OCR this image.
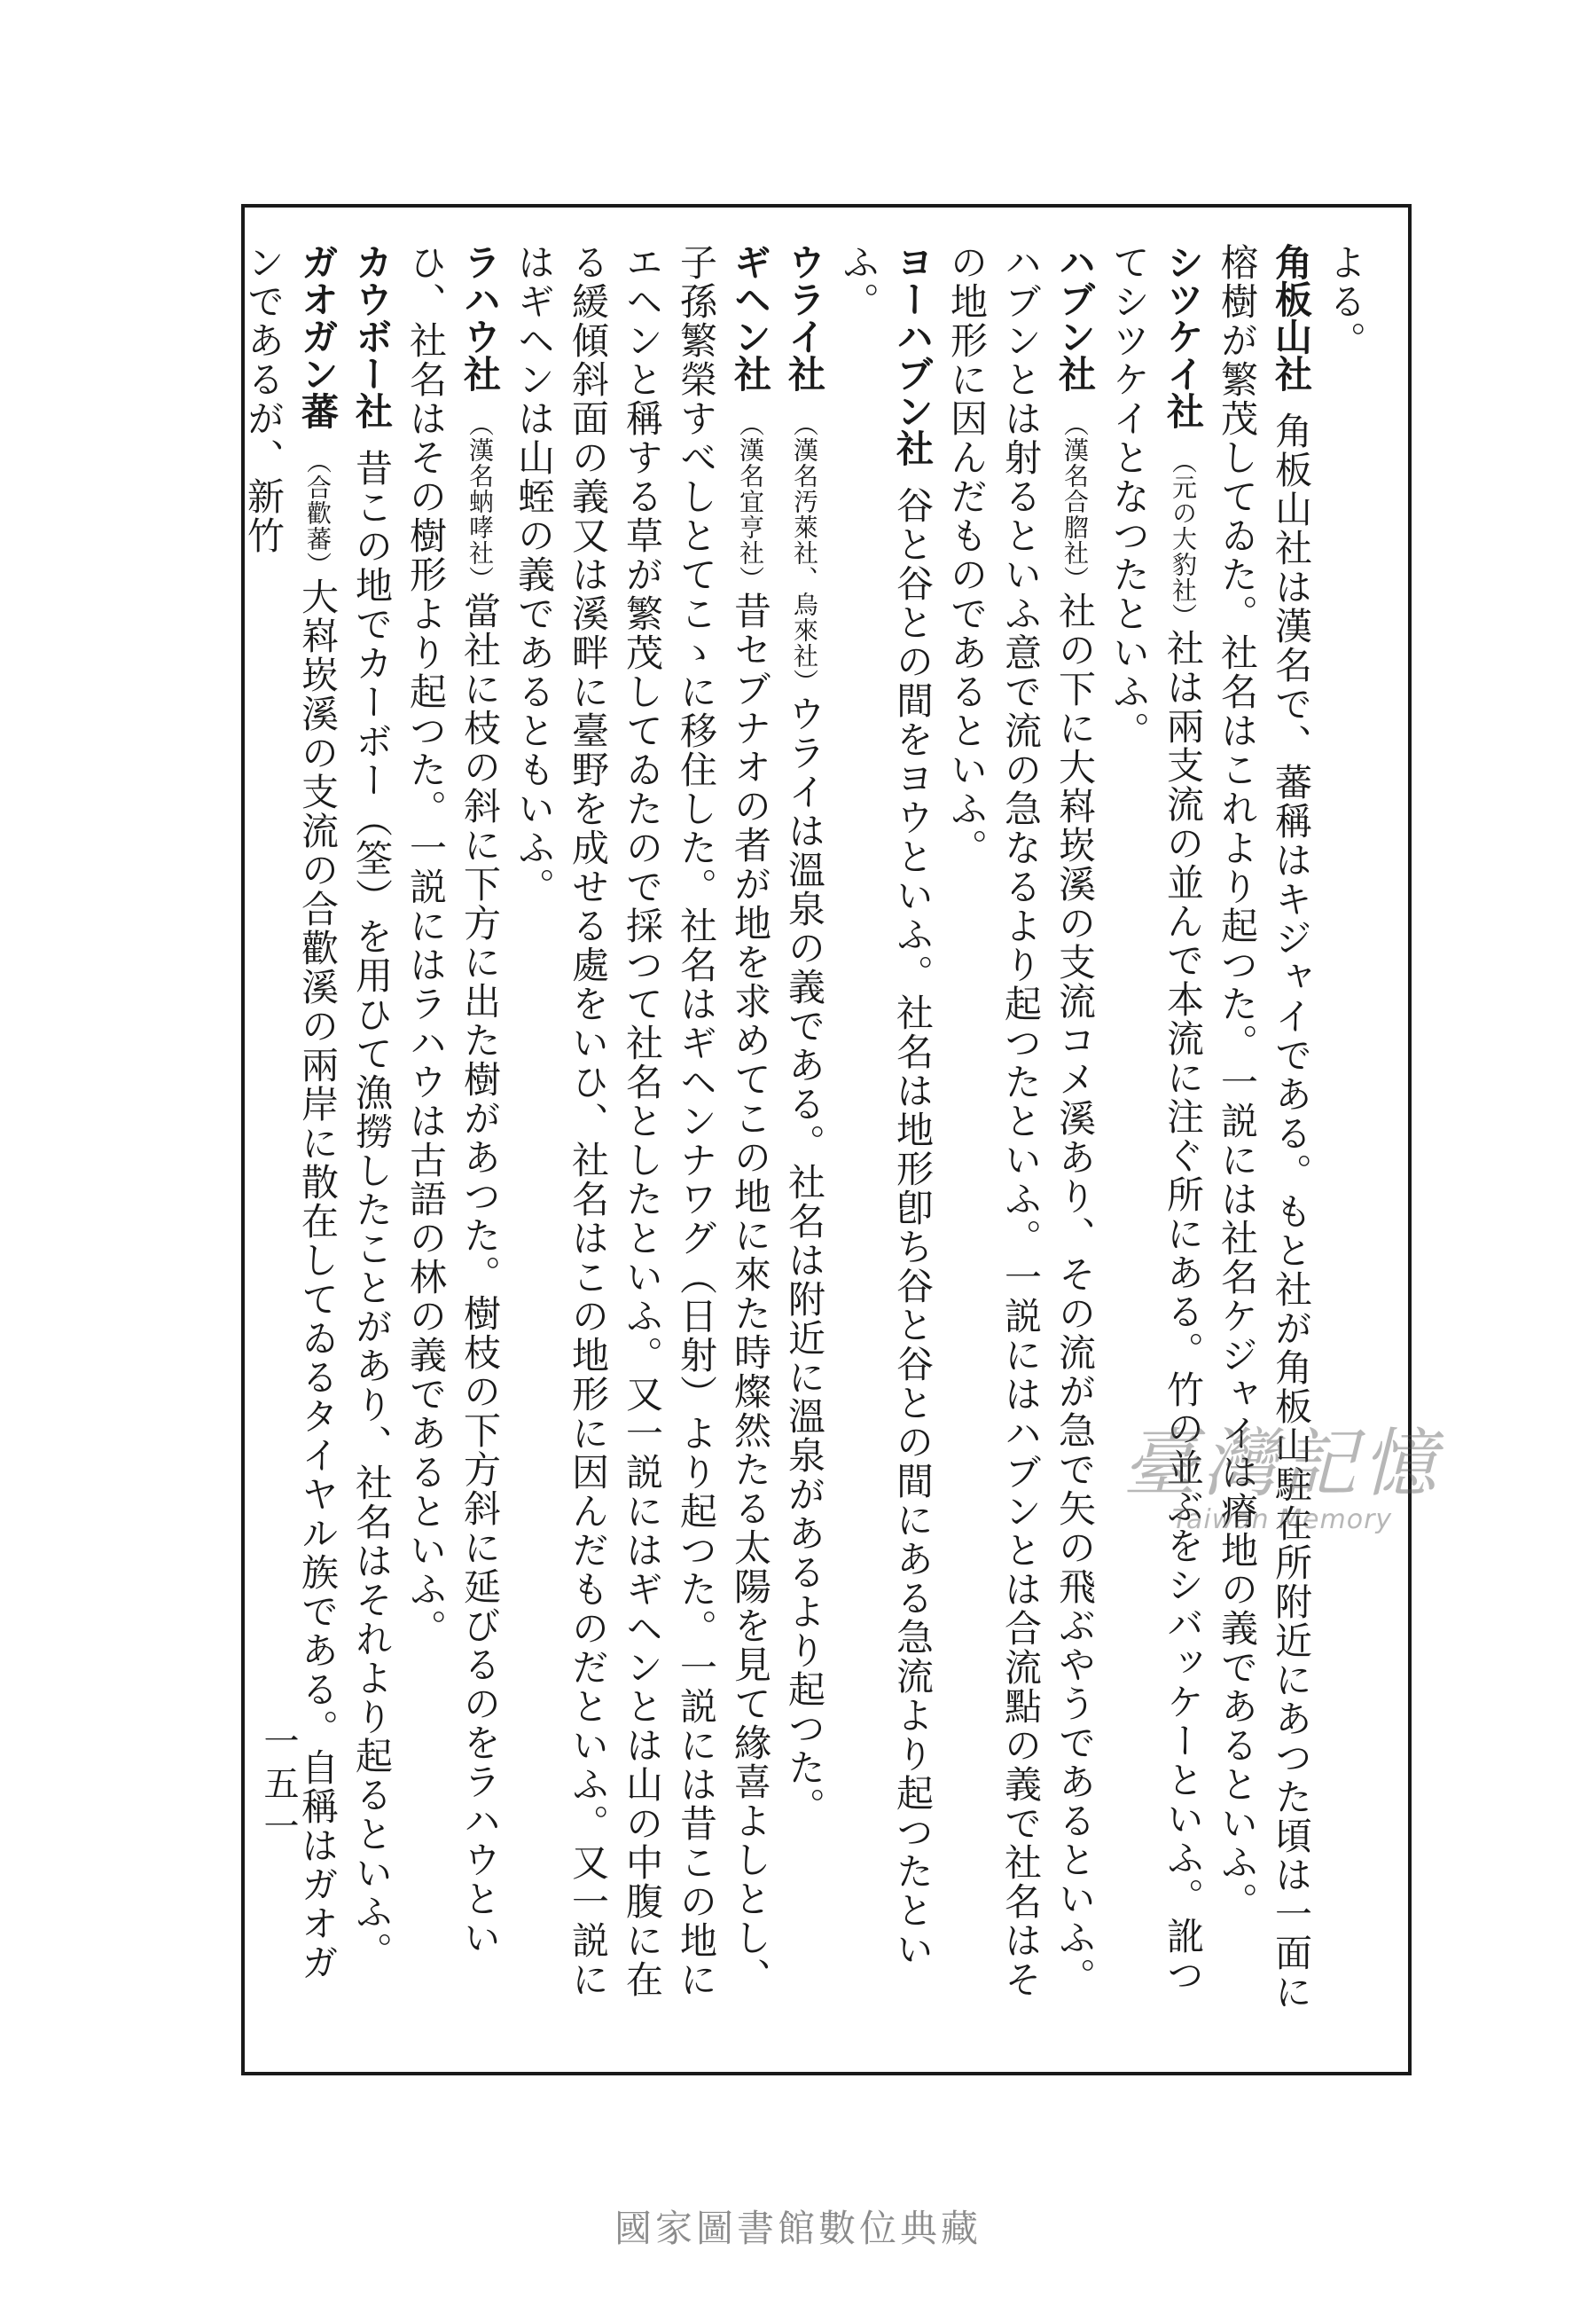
よる。

角板山社角板山社は漢名で、蕃稱はキジャイである。もと社が角板山駐在所附近にあつた頃は一面に榕樹が繁茂してゐた。社名はこれより起つた。一説には社名ケジャイは瘠地の義であるといふ。

シツケイ社（元の大豹社）社は兩支流の並んで本流に注ぐ所にある。竹の並ぶをシバッケーといふ。訛つてシツケイとなつたといふ。

ハブン社（漢名合脗社）社の下に大嵙崁溪の支流コメ溪あり、その流が急で矢の飛ぶやうであるといふ。ハブンとは射るといふ意で流の急なるより起つたといふ。一説にはハブンとは合流點の義で社名はその地形に因んだものであるといふ。

ヨーハブン社谷と谷との間をヨウといふ。社名は地形卽ち谷と谷との間にある急流より起つたといふ。

ウライ社（漢名汚萊社、烏來社）ウライは溫泉の義である。社名は附近に溫泉があるより起つた。

ギヘン社（漢名宜亨社）昔セブナオの者が地を求めてこの地に來た時燦然たる太陽を見て緣喜よしとし、子孫繁榮すべしとてこゝに移住した。社名はギヘンナワグ（日射）より起つた。一説には昔この地にエヘンと稱する草が繁茂してゐたので採つて社名としたといふ。又一説にはギヘンとは山の中腹に在る緩傾斜面の義又は溪畔に臺野を成せる處をいひ、社名はこの地形に因んだものだといふ。又一説にはギヘンは山蛭の義であるともいふ。

ラハウ社（漢名蚋哮社）當社に枝の斜に下方に出た樹があつた。樹枝の下方斜に延びるのをラハウといひ、社名はその樹形より起つた。一説にはラハウは古語の林の義であるといふ。

カウボー社昔この地でカーボー（筌）を用ひて漁撈したことがあり、社名はそれより起るといふ。

ガオガン蕃（合歡蕃）大嵙崁溪の支流の合歡溪の兩岸に散在してゐるタイヤル族である。自稱はガオガンであるが、新竹

一五一
臺灣記憶
Taiwan Memory
國家圖書館數位典藏
